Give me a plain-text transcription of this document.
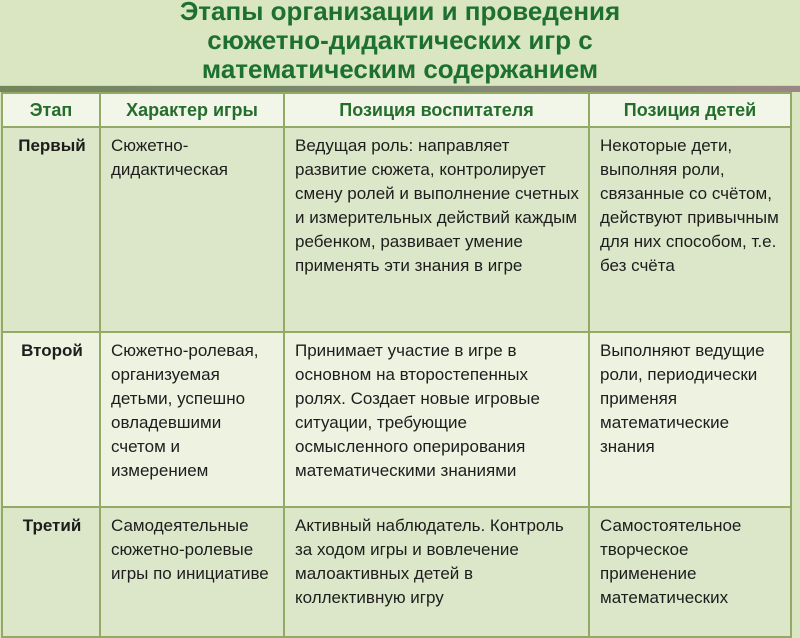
Этапы организации и проведения сюжетно-дидактических игр с математическим содержанием
Этап	Характер игры	Позиция воспитателя	Позиция детей
Первый	Сюжетно-дидактическая	Ведущая роль: направляет развитие сюжета, контролирует смену ролей и выполнение счетных и измерительных действий каждым ребенком, развивает умение применять эти знания в игре	Некоторые дети, выполняя роли, связанные со счётом, действуют привычным для них способом, т.е. без счёта
Второй	Сюжетно-ролевая, организуемая детьми, успешно овладевшими счетом и измерением	Принимает участие в игре в основном на второстепенных ролях. Создает новые игровые ситуации, требующие осмысленного оперирования математическими знаниями	Выполняют ведущие роли, периодически применяя математические знания
Третий	Самодеятельные сюжетно-ролевые игры по инициативе	Активный наблюдатель. Контроль за ходом игры и вовлечение малоактивных детей в коллективную игру	Самостоятельное творческое применение математических
